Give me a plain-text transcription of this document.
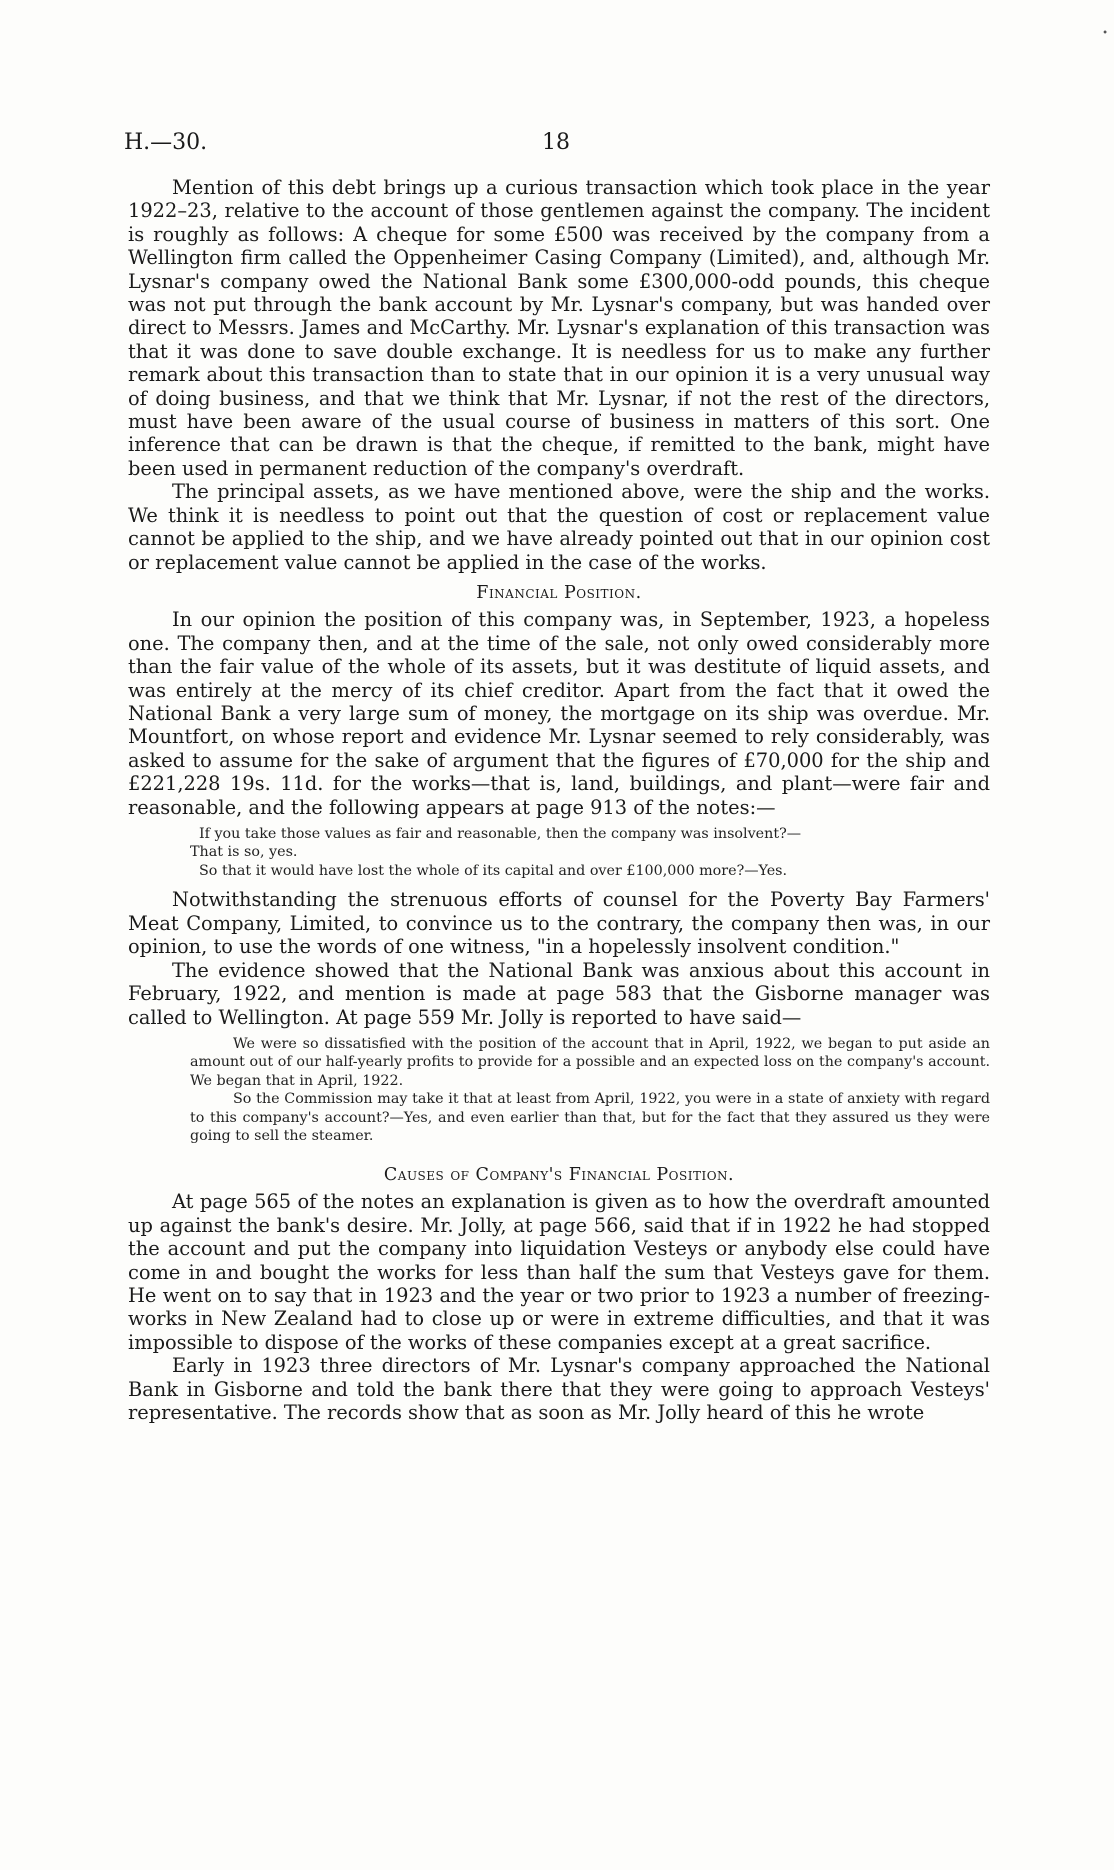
H.—30.	18
•

Mention of this debt brings up a curious transaction which took place in the year 1922–23, relative to the account of those gentlemen against the company. The incident is roughly as follows: A cheque for some £500 was received by the company from a Wellington firm called the Oppenheimer Casing Company (Limited), and, although Mr. Lysnar's company owed the National Bank some £300,000-odd pounds, this cheque was not put through the bank account by Mr. Lysnar's company, but was handed over direct to Messrs. James and McCarthy. Mr. Lysnar's explanation of this transaction was that it was done to save double exchange. It is needless for us to make any further remark about this transaction than to state that in our opinion it is a very unusual way of doing business, and that we think that Mr. Lysnar, if not the rest of the directors, must have been aware of the usual course of business in matters of this sort. One inference that can be drawn is that the cheque, if remitted to the bank, might have been used in permanent reduction of the company's overdraft.

The principal assets, as we have mentioned above, were the ship and the works. We think it is needless to point out that the question of cost or replacement value cannot be applied to the ship, and we have already pointed out that in our opinion cost or replacement value cannot be applied in the case of the works.

Financial Position.

In our opinion the position of this company was, in September, 1923, a hopeless one. The company then, and at the time of the sale, not only owed considerably more than the fair value of the whole of its assets, but it was destitute of liquid assets, and was entirely at the mercy of its chief creditor. Apart from the fact that it owed the National Bank a very large sum of money, the mortgage on its ship was overdue. Mr. Mountfort, on whose report and evidence Mr. Lysnar seemed to rely considerably, was asked to assume for the sake of argument that the figures of £70,000 for the ship and £221,228 19s. 11d. for the works—that is, land, buildings, and plant—were fair and reasonable, and the following appears at page 913 of the notes:—

If you take those values as fair and reasonable, then the company was insolvent?—

That is so, yes.

So that it would have lost the whole of its capital and over £100,000 more?—Yes.

Notwithstanding the strenuous efforts of counsel for the Poverty Bay Farmers' Meat Company, Limited, to convince us to the contrary, the company then was, in our opinion, to use the words of one witness, "in a hopelessly insolvent condition."

The evidence showed that the National Bank was anxious about this account in February, 1922, and mention is made at page 583 that the Gisborne manager was called to Wellington. At page 559 Mr. Jolly is reported to have said—

We were so dissatisfied with the position of the account that in April, 1922, we began to put aside an amount out of our half-yearly profits to provide for a possible and an expected loss on the company's account. We began that in April, 1922.

So the Commission may take it that at least from April, 1922, you were in a state of anxiety with regard to this company's account?—Yes, and even earlier than that, but for the fact that they assured us they were going to sell the steamer.

Causes of Company's Financial Position.

At page 565 of the notes an explanation is given as to how the overdraft amounted up against the bank's desire. Mr. Jolly, at page 566, said that if in 1922 he had stopped the account and put the company into liquidation Vesteys or anybody else could have come in and bought the works for less than half the sum that Vesteys gave for them. He went on to say that in 1923 and the year or two prior to 1923 a number of freezing-works in New Zealand had to close up or were in extreme difficulties, and that it was impossible to dispose of the works of these companies except at a great sacrifice.

Early in 1923 three directors of Mr. Lysnar's company approached the National Bank in Gisborne and told the bank there that they were going to approach Vesteys' representative. The records show that as soon as Mr. Jolly heard of this he wrote
